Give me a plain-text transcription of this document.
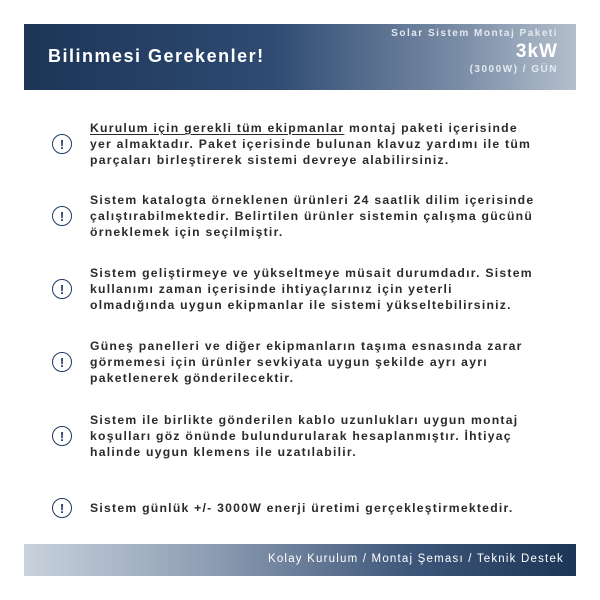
Bilinmesi Gerekenler!
Solar Sistem Montaj Paketi
3kW
(3000W) / GÜN
!
Kurulum için gerekli tüm ekipmanlar montaj paketi içerisinde yer almaktadır. Paket içerisinde bulunan klavuz yardımı ile tüm parçaları birleştirerek sistemi devreye alabilirsiniz.
!
Sistem katalogta örneklenen ürünleri 24 saatlik dilim içerisinde çalıştırabilmektedir. Belirtilen ürünler sistemin çalışma gücünü örneklemek için seçilmiştir.
!
Sistem geliştirmeye ve yükseltmeye müsait durumdadır. Sistem kullanımı zaman içerisinde ihtiyaçlarınız için yeterli olmadığında uygun ekipmanlar ile sistemi yükseltebilirsiniz.
!
Güneş panelleri ve diğer ekipmanların taşıma esnasında zarar görmemesi için ürünler sevkiyata uygun şekilde ayrı ayrı paketlenerek gönderilecektir.
!
Sistem ile birlikte gönderilen kablo uzunlukları uygun montaj koşulları göz önünde bulundurularak hesaplanmıştır. İhtiyaç halinde uygun klemens ile uzatılabilir.
!	Sistem günlük +/- 3000W enerji üretimi gerçekleştirmektedir.
Kolay Kurulum / Montaj Şeması / Teknik Destek
